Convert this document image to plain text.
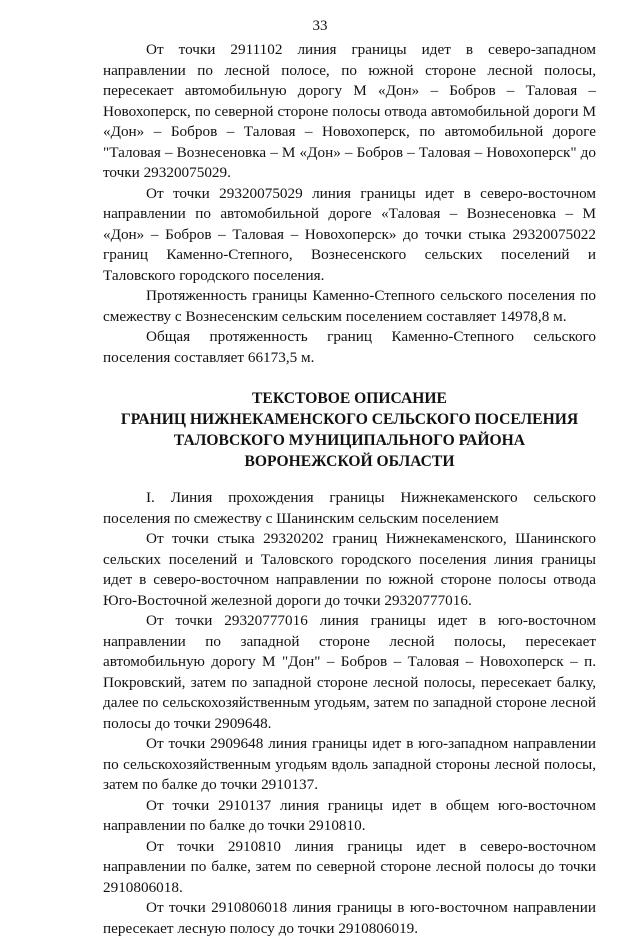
33

От точки 2911102 линия границы идет в северо-западном направлении по лесной полосе, по южной стороне лесной полосы, пересекает автомобильную дорогу М «Дон» – Бобров – Таловая – Новохоперск, по северной стороне полосы отвода автомобильной дороги М «Дон» – Бобров – Таловая – Новохоперск, по автомобильной дороге "Таловая – Вознесеновка – М «Дон» – Бобров – Таловая – Новохоперск" до точки 29320075029.

От точки 29320075029 линия границы идет в северо-восточном направлении по автомобильной дороге «Таловая – Вознесеновка – М «Дон» – Бобров – Таловая – Новохоперск» до точки стыка 29320075022 границ Каменно-Степного, Вознесенского сельских поселений и Таловского городского поселения.

Протяженность границы Каменно-Степного сельского поселения по смежеству с Вознесенским сельским поселением составляет 14978,8 м.

Общая протяженность границ Каменно-Степного сельского поселения составляет 66173,5 м.

ТЕКСТОВОЕ ОПИСАНИЕ
ГРАНИЦ НИЖНЕКАМЕНСКОГО СЕЛЬСКОГО ПОСЕЛЕНИЯ
ТАЛОВСКОГО МУНИЦИПАЛЬНОГО РАЙОНА
ВОРОНЕЖСКОЙ ОБЛАСТИ

I. Линия прохождения границы Нижнекаменского сельского поселения по смежеству с Шанинским сельским поселением

От точки стыка 29320202 границ Нижнекаменского, Шанинского сельских поселений и Таловского городского поселения линия границы идет в северо-восточном направлении по южной стороне полосы отвода Юго-Восточной железной дороги до точки 29320777016.

От точки 29320777016 линия границы идет в юго-восточном направлении по западной стороне лесной полосы, пересекает автомобильную дорогу М "Дон" – Бобров – Таловая – Новохоперск – п. Покровский, затем по западной стороне лесной полосы, пересекает балку, далее по сельскохозяйственным угодьям, затем по западной стороне лесной полосы до точки 2909648.

От точки 2909648 линия границы идет в юго-западном направлении по сельскохозяйственным угодьям вдоль западной стороны лесной полосы, затем по балке до точки 2910137.

От точки 2910137 линия границы идет в общем юго-восточном направлении по балке до точки 2910810.

От точки 2910810 линия границы идет в северо-восточном направлении по балке, затем по северной стороне лесной полосы до точки 2910806018.

От точки 2910806018 линия границы в юго-восточном направлении пересекает лесную полосу до точки 2910806019.
